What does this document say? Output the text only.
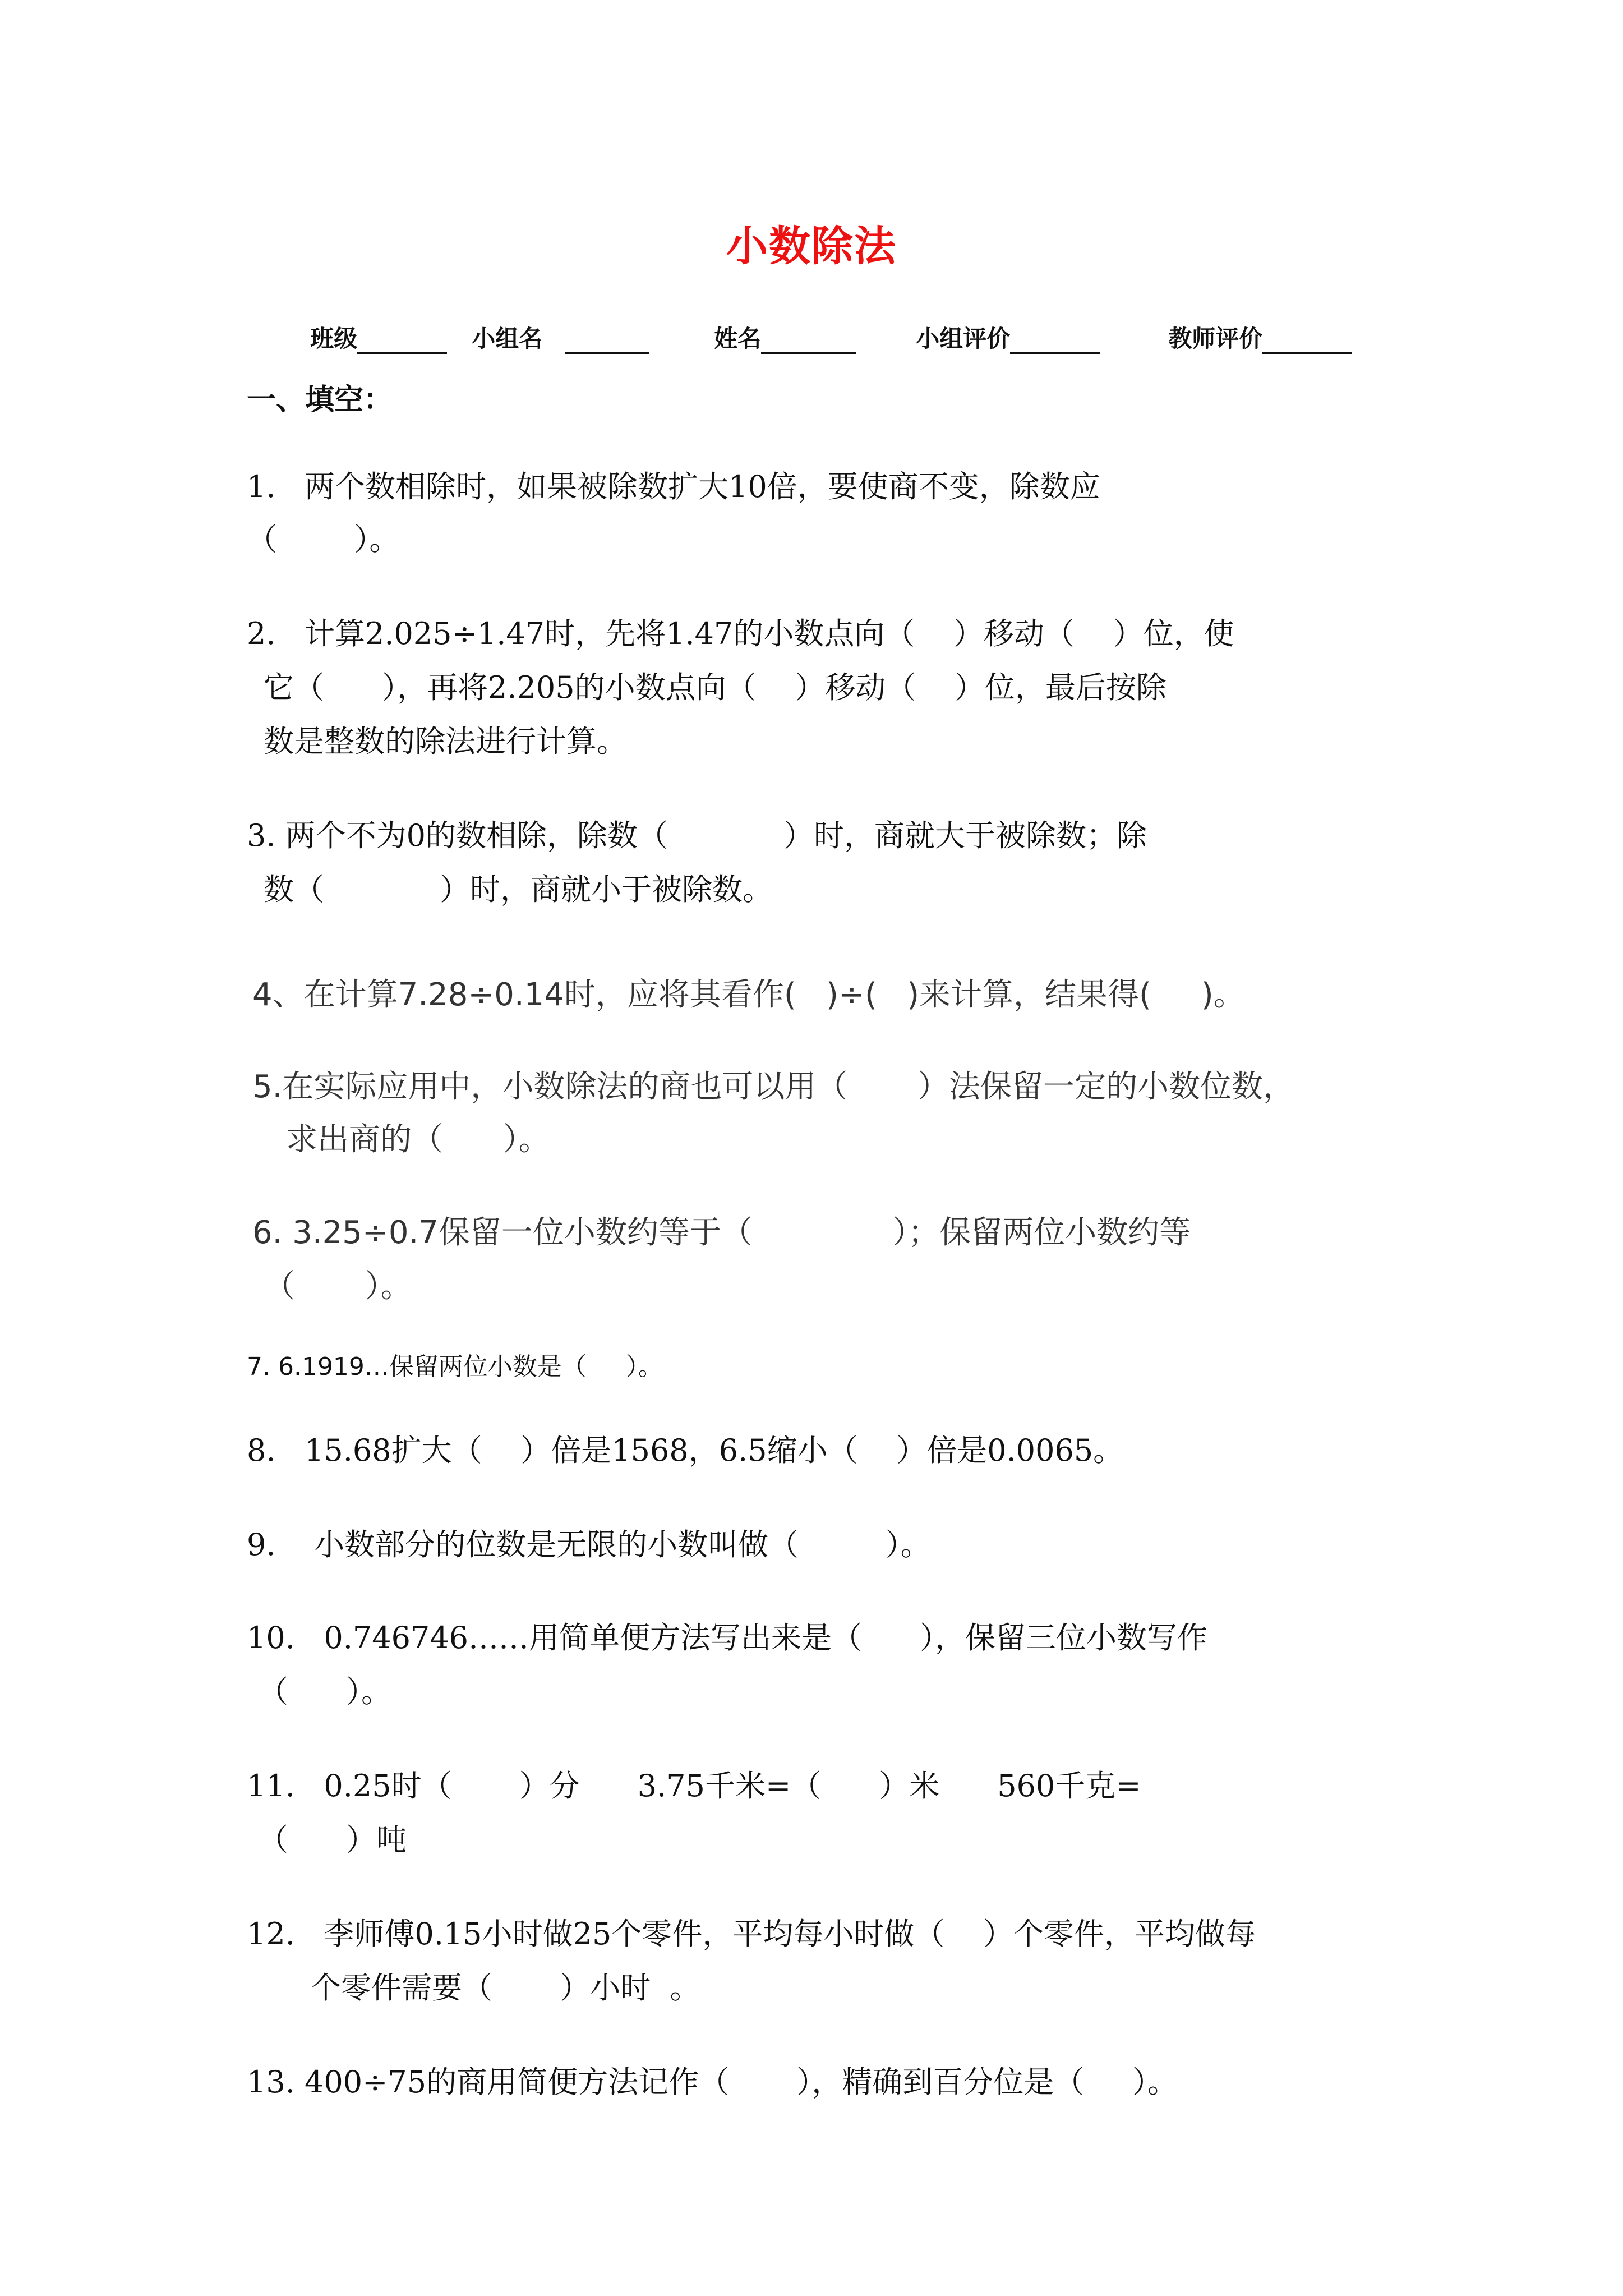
小数除法

班级	小组名	姓名	小组评价	教师评价

一、填空：
1.   两个数相除时，如果被除数扩大10倍，要使商不变，除数应
（        ）。
2.   计算2.025÷1.47时，先将1.47的小数点向（    ）移动（    ）位，使
它（      ），再将2.205的小数点向（    ）移动（    ）位，最后按除
数是整数的除法进行计算。
3. 两个不为0的数相除，除数（            ）时，商就大于被除数；除
数（            ）时，商就小于被除数。
4、在计算7.28÷0.14时，应将其看作(   )÷(   )来计算，结果得(     )。
5.在实际应用中，小数除法的商也可以用（       ）法保留一定的小数位数，
求出商的（      ）。
6. 3.25÷0.7保留一位小数约等于（              ）；保留两位小数约等
（       ）。
7. 6.1919…保留两位小数是（     ）。
8.   15.68扩大（    ）倍是1568，6.5缩小（    ）倍是0.0065。
9.    小数部分的位数是无限的小数叫做（         ）。
10.   0.746746……用简单便方法写出来是（      ），保留三位小数写作
（      ）。
11.   0.25时（       ）分      3.75千米=（      ）米      560千克=
（      ）吨
12.   李师傅0.15小时做25个零件，平均每小时做（    ）个零件，平均做每
个零件需要（       ）小时  。
13. 400÷75的商用简便方法记作（       ），精确到百分位是（     ）。
